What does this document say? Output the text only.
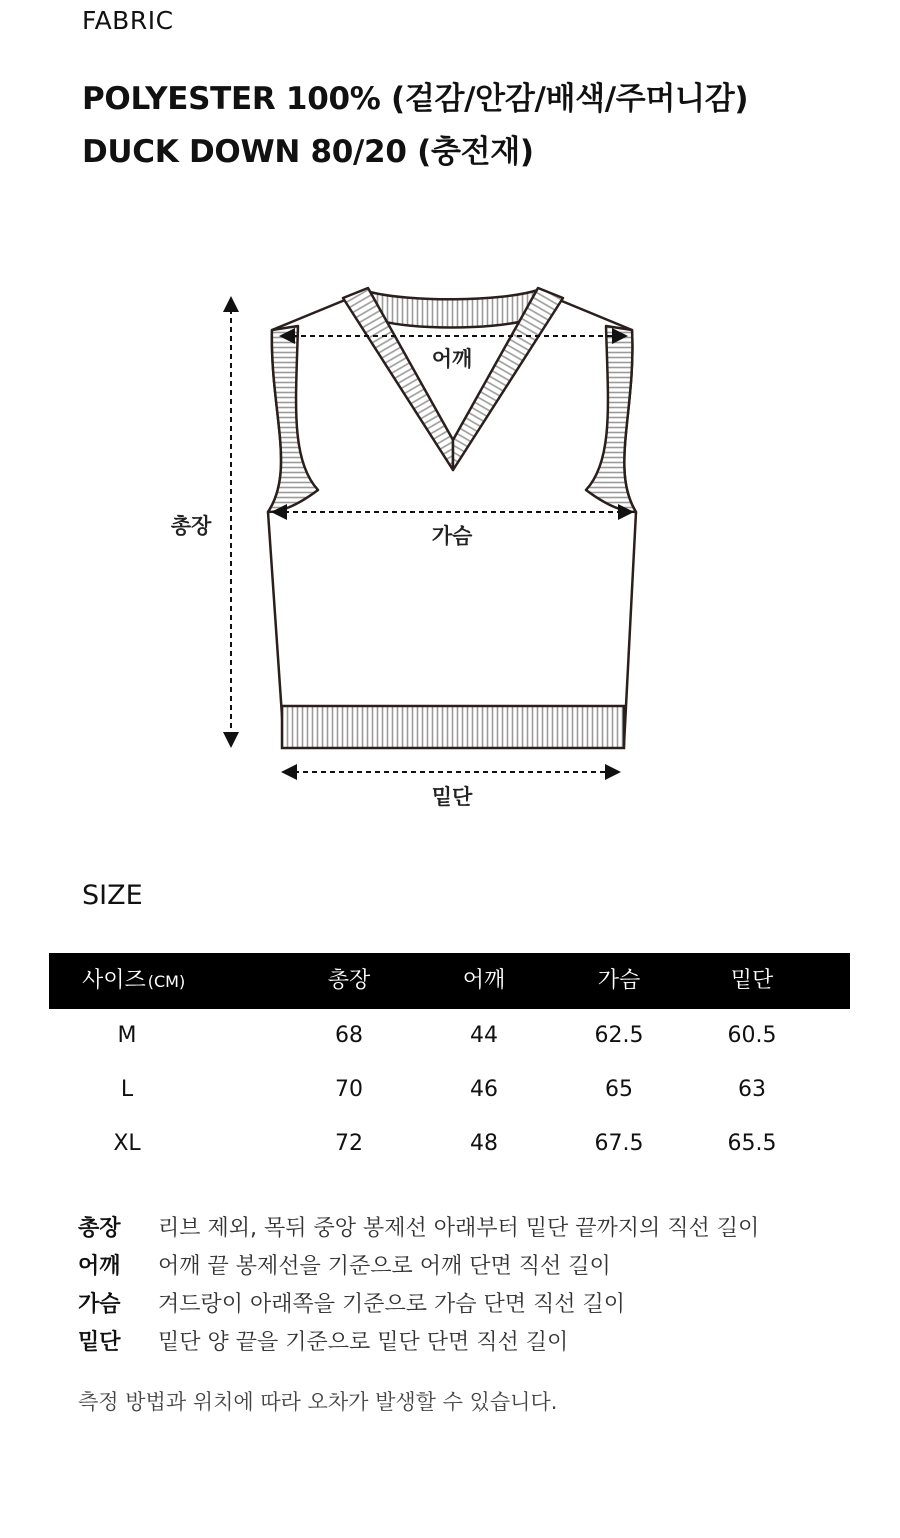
FABRIC
POLYESTER 100% (겉감/안감/배색/주머니감)
DUCK DOWN 80/20 (충전재)
총장
어깨
가슴
밑단
SIZE
사이즈 (CM)	총장	어깨	가슴	밑단
M	68	44	62.5	60.5
L	70	46	65	63
XL	72	48	67.5	65.5
총장 리브 제외, 목뒤 중앙 봉제선 아래부터 밑단 끝까지의 직선 길이
어깨 어깨 끝 봉제선을 기준으로 어깨 단면 직선 길이
가슴 겨드랑이 아래쪽을 기준으로 가슴 단면 직선 길이
밑단 밑단 양 끝을 기준으로 밑단 단면 직선 길이
측정 방법과 위치에 따라 오차가 발생할 수 있습니다.
